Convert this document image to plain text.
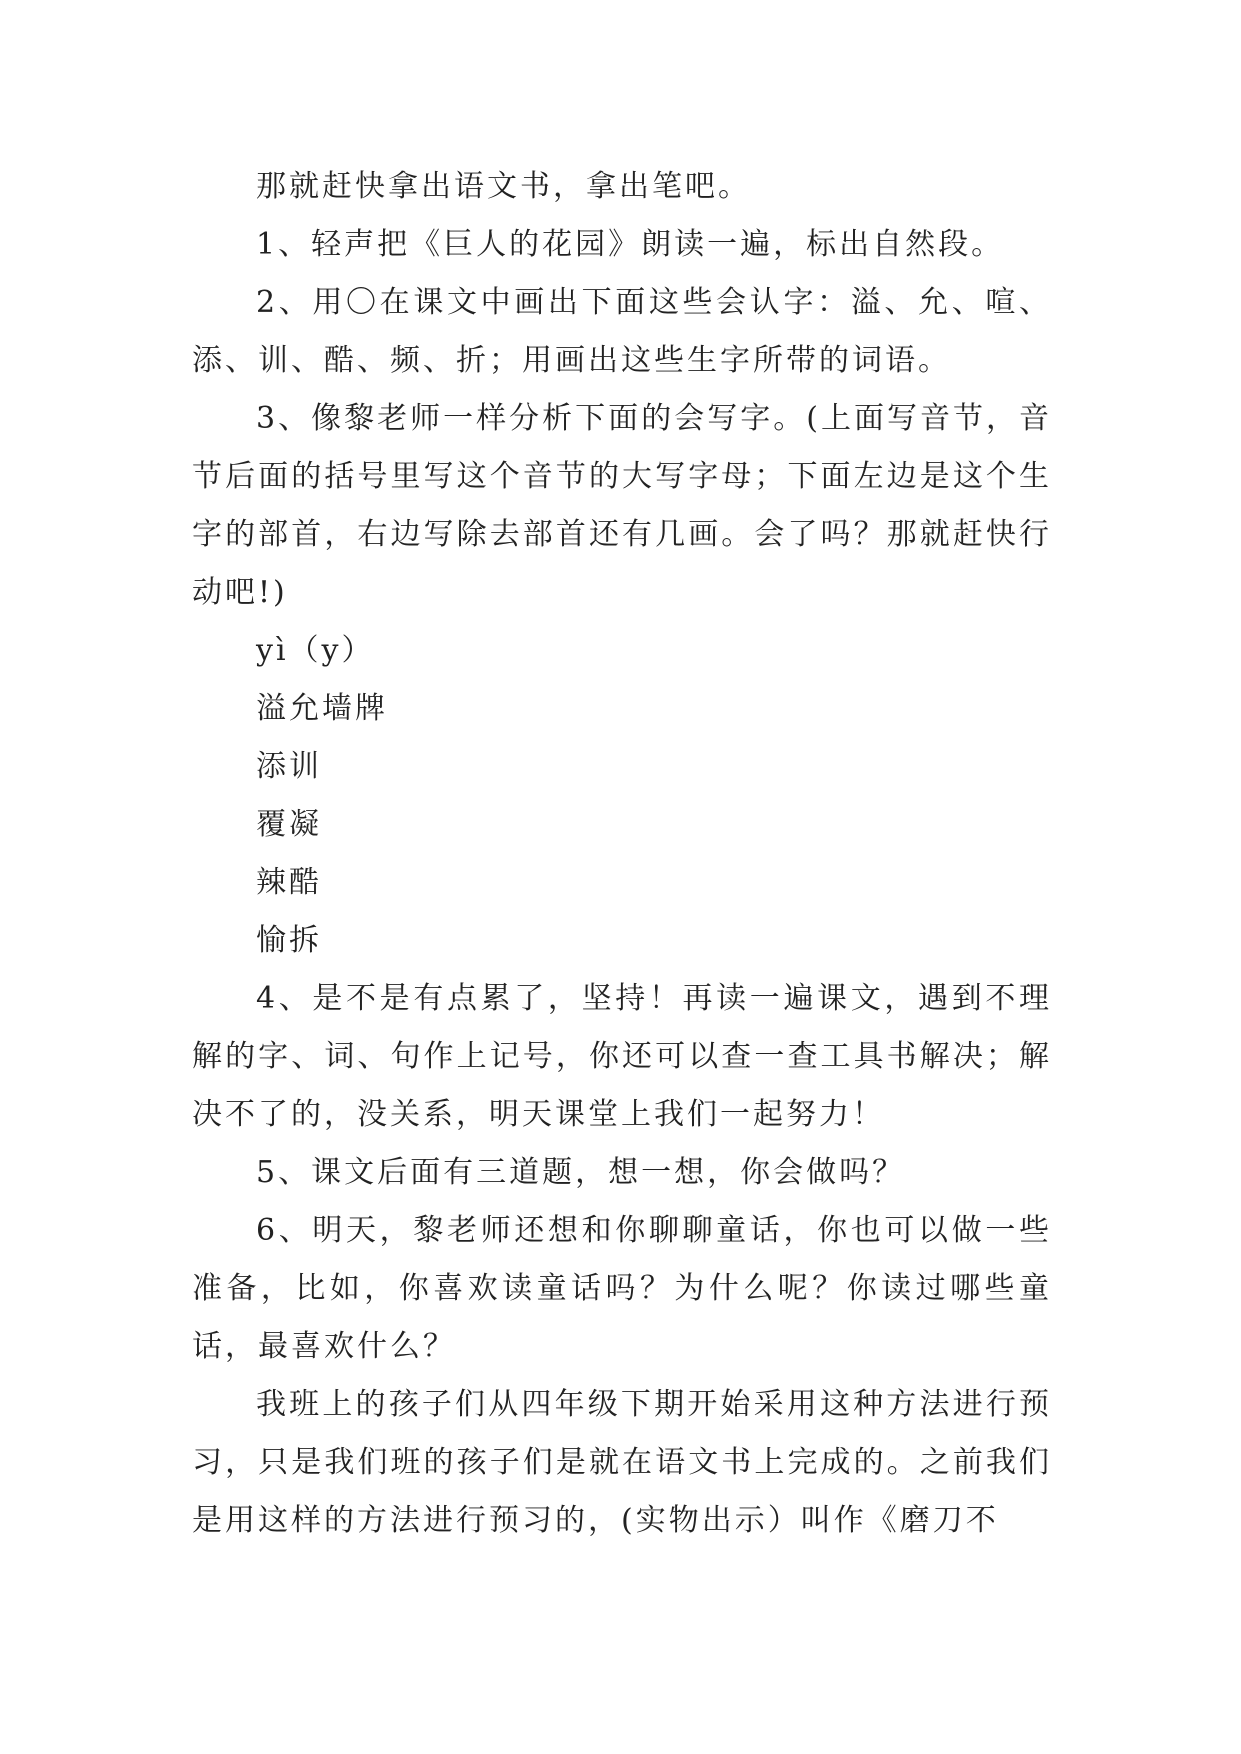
那就赶快拿出语文书，拿出笔吧。

1、轻声把《巨人的花园》朗读一遍，标出自然段。

2、用〇在课文中画出下面这些会认字：溢、允、喧、添、训、酷、频、折；用画出这些生字所带的词语。

3、像黎老师一样分析下面的会写字。(上面写音节，音节后面的括号里写这个音节的大写字母；下面左边是这个生字的部首，右边写除去部首还有几画。会了吗？那就赶快行动吧!)

yì（y）

溢允墙牌

添训

覆凝

辣酷

愉拆

4、是不是有点累了，坚持！再读一遍课文，遇到不理解的字、词、句作上记号，你还可以查一查工具书解决；解决不了的，没关系，明天课堂上我们一起努力！

5、课文后面有三道题，想一想，你会做吗？

6、明天，黎老师还想和你聊聊童话，你也可以做一些准备，比如，你喜欢读童话吗？为什么呢？你读过哪些童话，最喜欢什么？

我班上的孩子们从四年级下期开始采用这种方法进行预习，只是我们班的孩子们是就在语文书上完成的。之前我们是用这样的方法进行预习的，(实物出示）叫作《磨刀不
